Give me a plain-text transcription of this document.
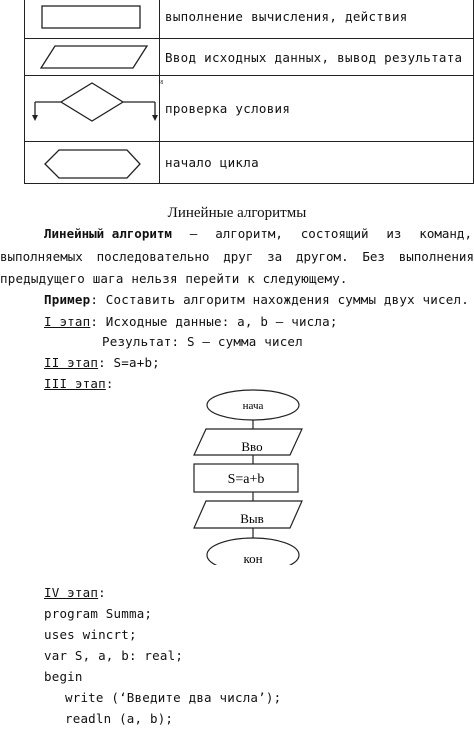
	выполнение вычисления, действия

	Ввод исходных данных, вывод результата

и	проверка условия

	начало цикла
Линейные алгоритмы
Линейный алгоритм – алгоритм, состоящий из команд,
выполняемых последовательно друг за другом. Без выполнения
предыдущего шага нельзя перейти к следующему.
Пример: Составить алгоритм нахождения суммы двух чисел.
I этап: Исходные данные: a, b – числа;
Результат: S – сумма чисел
II этап: S=a+b;
III этап:
нача
Вво
S=a+b
Выв
кон
IV этап:
program Summa;
uses wincrt;
var S, a, b: real;
begin
write (‘Введите два числа’);
readln (a, b);
